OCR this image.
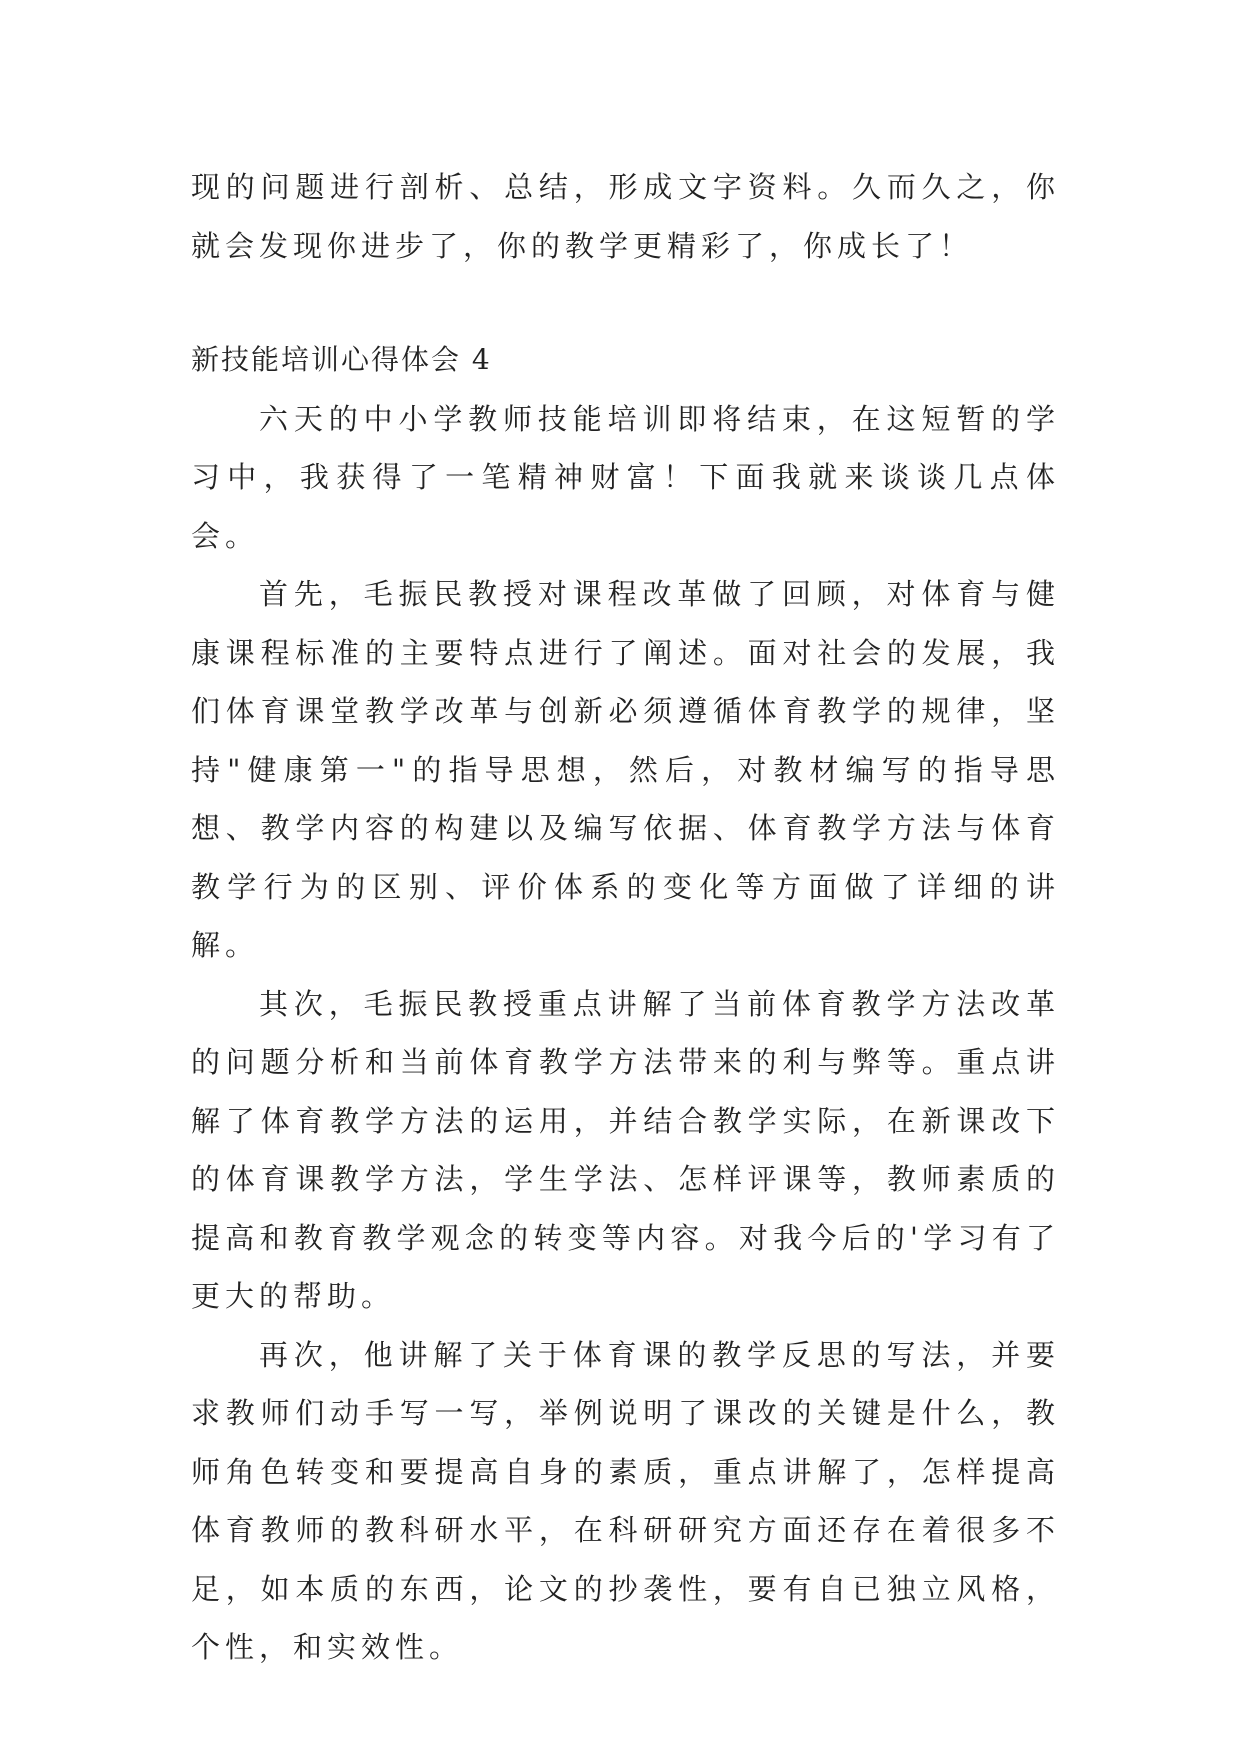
现的问题进行剖析、总结，形成文字资料。久而久之，你就会发现你进步了，你的教学更精彩了，你成长了！

新技能培训心得体会 4

六天的中小学教师技能培训即将结束，在这短暂的学习中，我获得了一笔精神财富！下面我就来谈谈几点体会。

首先，毛振民教授对课程改革做了回顾，对体育与健康课程标准的主要特点进行了阐述。面对社会的发展，我们体育课堂教学改革与创新必须遵循体育教学的规律，坚持"健康第一"的指导思想，然后，对教材编写的指导思想、教学内容的构建以及编写依据、体育教学方法与体育教学行为的区别、评价体系的变化等方面做了详细的讲解。

其次，毛振民教授重点讲解了当前体育教学方法改革的问题分析和当前体育教学方法带来的利与弊等。重点讲解了体育教学方法的运用，并结合教学实际，在新课改下的体育课教学方法，学生学法、怎样评课等，教师素质的提高和教育教学观念的转变等内容。对我今后的'学习有了更大的帮助。

再次，他讲解了关于体育课的教学反思的写法，并要求教师们动手写一写，举例说明了课改的关键是什么，教师角色转变和要提高自身的素质，重点讲解了，怎样提高体育教师的教科研水平，在科研研究方面还存在着很多不足，如本质的东西，论文的抄袭性，要有自已独立风格，个性，和实效性。
